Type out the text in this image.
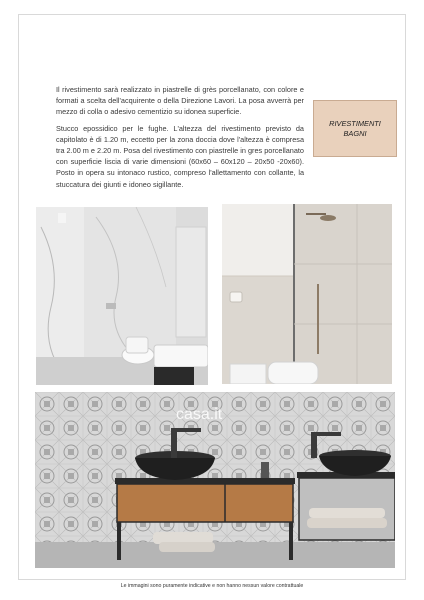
Il rivestimento sarà realizzato in piastrelle di grès porcellanato, con colore e formati a scelta dell'acquirente o della Direzione Lavori. La posa avverrà per mezzo di colla o adesivo cementizio su idonea superficie.

Stucco epossidico per le fughe. L'altezza del rivestimento previsto da capitolato è di 1.20 m, eccetto per la zona doccia dove l'altezza è compresa tra 2.00 m e 2.20 m. Posa del rivestimento con piastrelle in gres porcellanato con superficie liscia di varie dimensioni (60x60 – 60x120 – 20x50 -20x60). Posto in opera su intonaco rustico, compreso l'allettamento con collante, la stuccatura dei giunti e idoneo sigillante.

RIVESTIMENTI
BAGNI
casa.it
Le immagini sono puramente indicative e non hanno nessun valore contrattuale
